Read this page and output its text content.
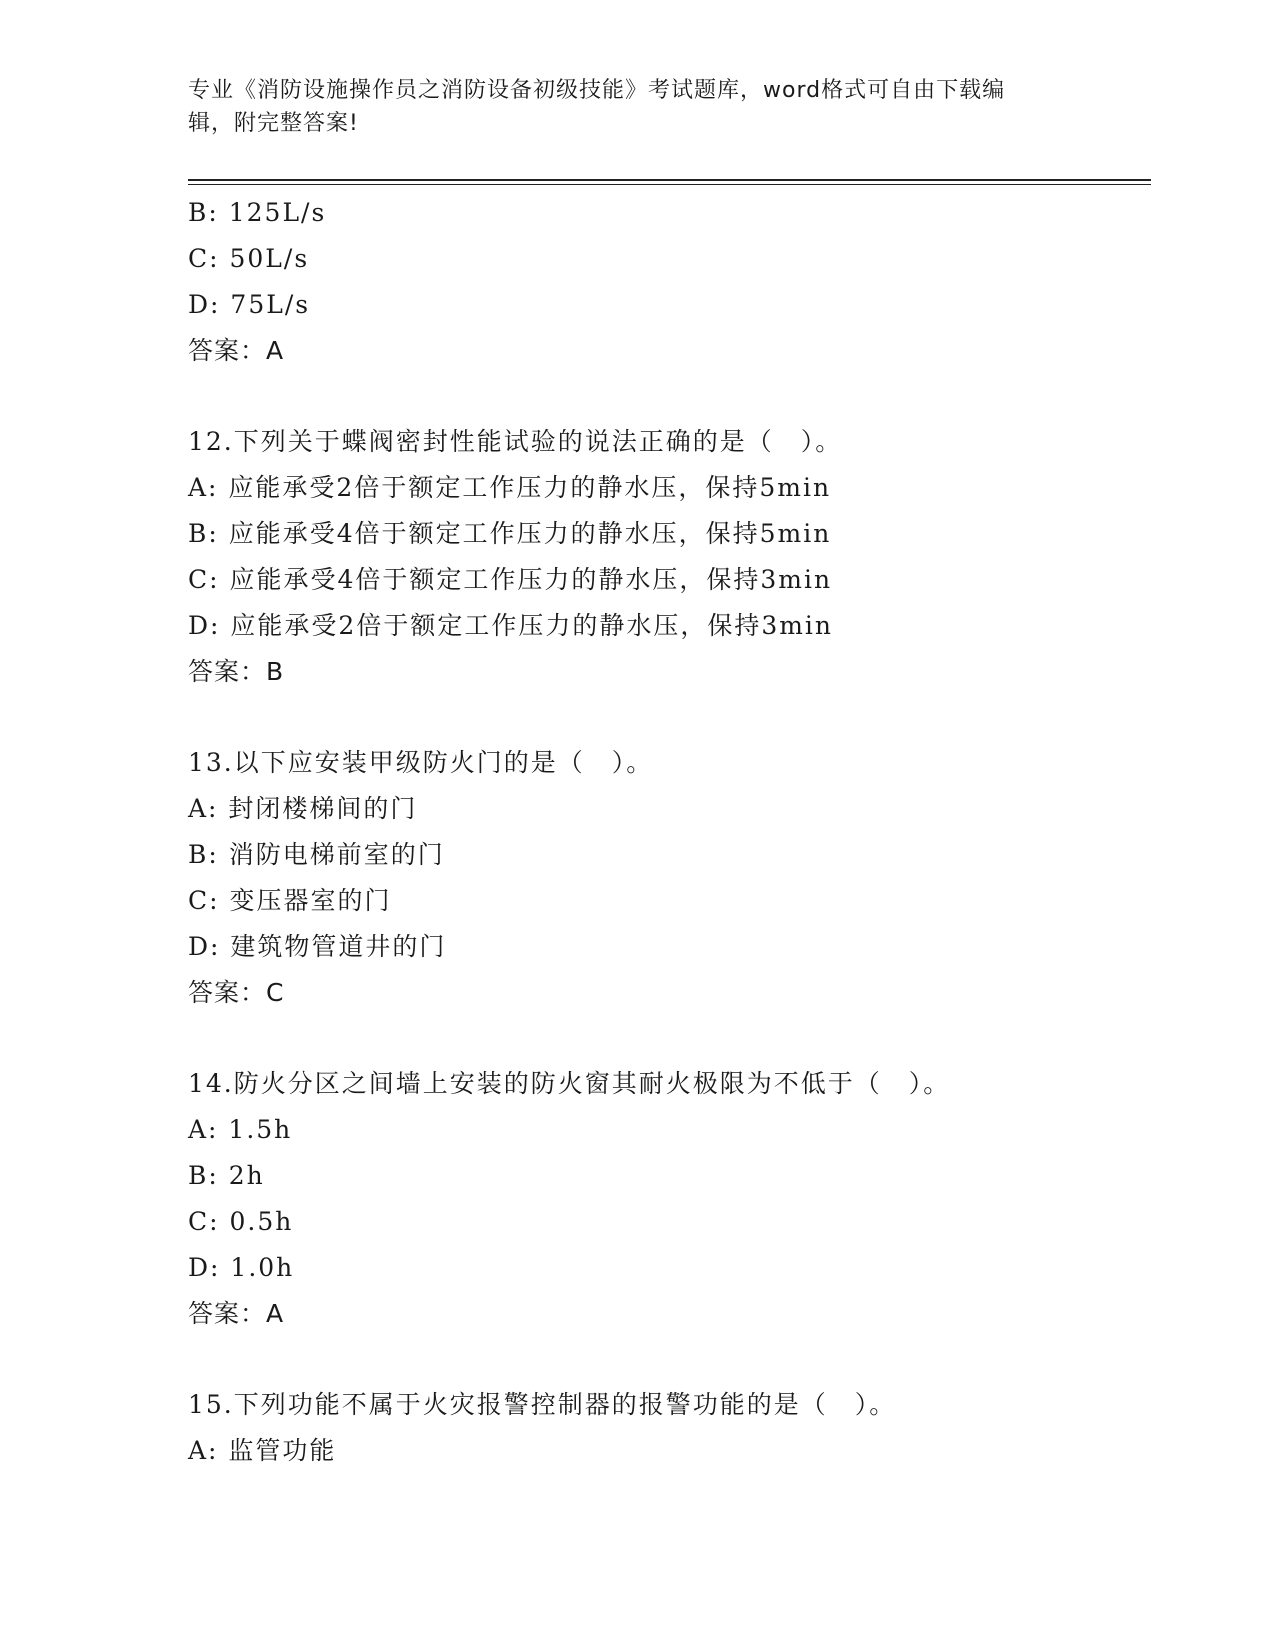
专业《消防设施操作员之消防设备初级技能》考试题库，word格式可自由下载编
辑，附完整答案!
B: 125L/s
C: 50L/s
D: 75L/s
答案：A
12.下列关于蝶阀密封性能试验的说法正确的是（　）。
A: 应能承受2倍于额定工作压力的静水压，保持5min
B: 应能承受4倍于额定工作压力的静水压，保持5min
C: 应能承受4倍于额定工作压力的静水压，保持3min
D: 应能承受2倍于额定工作压力的静水压，保持3min
答案：B
13.以下应安装甲级防火门的是（　）。
A: 封闭楼梯间的门
B: 消防电梯前室的门
C: 变压器室的门
D: 建筑物管道井的门
答案：C
14.防火分区之间墙上安装的防火窗其耐火极限为不低于（　）。
A: 1.5h
B: 2h
C: 0.5h
D: 1.0h
答案：A
15.下列功能不属于火灾报警控制器的报警功能的是（　）。
A: 监管功能
